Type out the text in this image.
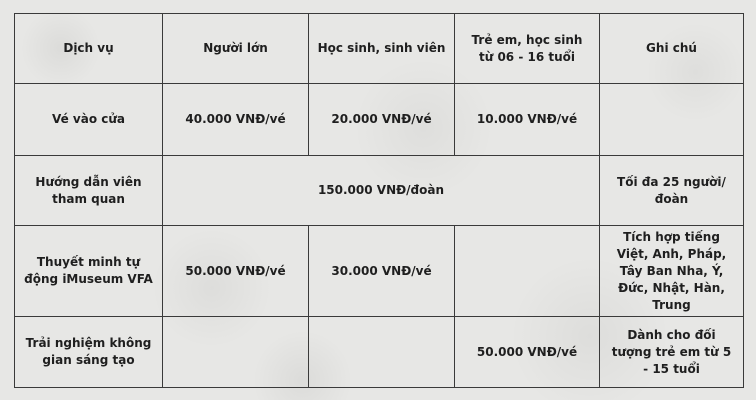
Dịch vụ	Người lớn	Học sinh, sinh viên	Trẻ em, học sinh từ 06 - 16 tuổi	Ghi chú
Vé vào cửa	40.000 VNĐ/vé	20.000 VNĐ/vé	10.000 VNĐ/vé	
Hướng dẫn viên tham quan	150.000 VNĐ/đoàn			Tối đa 25 người/đoàn
Thuyết minh tự động iMuseum VFA	50.000 VNĐ/vé	30.000 VNĐ/vé		Tích hợp tiếng Việt, Anh, Pháp, Tây Ban Nha, Ý, Đức, Nhật, Hàn, Trung
Trải nghiệm không gian sáng tạo			50.000 VNĐ/vé	Dành cho đối tượng trẻ em từ 5 - 15 tuổi
